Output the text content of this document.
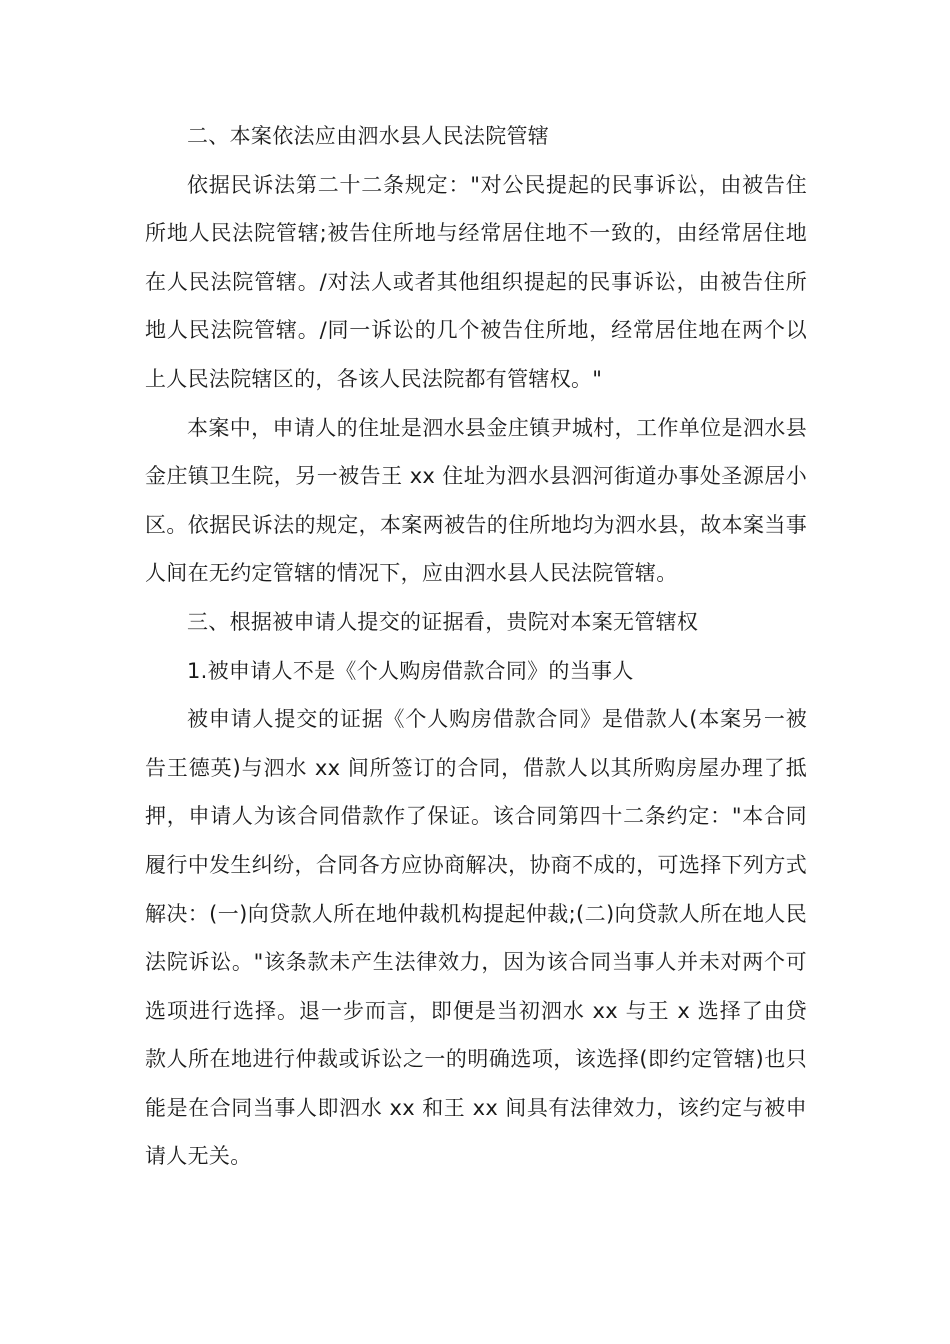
二、本案依法应由泗水县人民法院管辖

依据民诉法第二十二条规定："对公民提起的民事诉讼，由被告住所地人民法院管辖;被告住所地与经常居住地不一致的，由经常居住地在人民法院管辖。/对法人或者其他组织提起的民事诉讼，由被告住所地人民法院管辖。/同一诉讼的几个被告住所地，经常居住地在两个以上人民法院辖区的，各该人民法院都有管辖权。"

本案中，申请人的住址是泗水县金庄镇尹城村，工作单位是泗水县金庄镇卫生院，另一被告王 xx 住址为泗水县泗河街道办事处圣源居小区。依据民诉法的规定，本案两被告的住所地均为泗水县，故本案当事人间在无约定管辖的情况下，应由泗水县人民法院管辖。

三、根据被申请人提交的证据看，贵院对本案无管辖权

1.被申请人不是《个人购房借款合同》的当事人

被申请人提交的证据《个人购房借款合同》是借款人(本案另一被告王德英)与泗水 xx 间所签订的合同，借款人以其所购房屋办理了抵押，申请人为该合同借款作了保证。该合同第四十二条约定："本合同履行中发生纠纷，合同各方应协商解决，协商不成的，可选择下列方式解决：(一)向贷款人所在地仲裁机构提起仲裁;(二)向贷款人所在地人民法院诉讼。"该条款未产生法律效力，因为该合同当事人并未对两个可选项进行选择。退一步而言，即便是当初泗水 xx 与王 x 选择了由贷款人所在地进行仲裁或诉讼之一的明确选项，该选择(即约定管辖)也只能是在合同当事人即泗水 xx 和王 xx 间具有法律效力，该约定与被申请人无关。
